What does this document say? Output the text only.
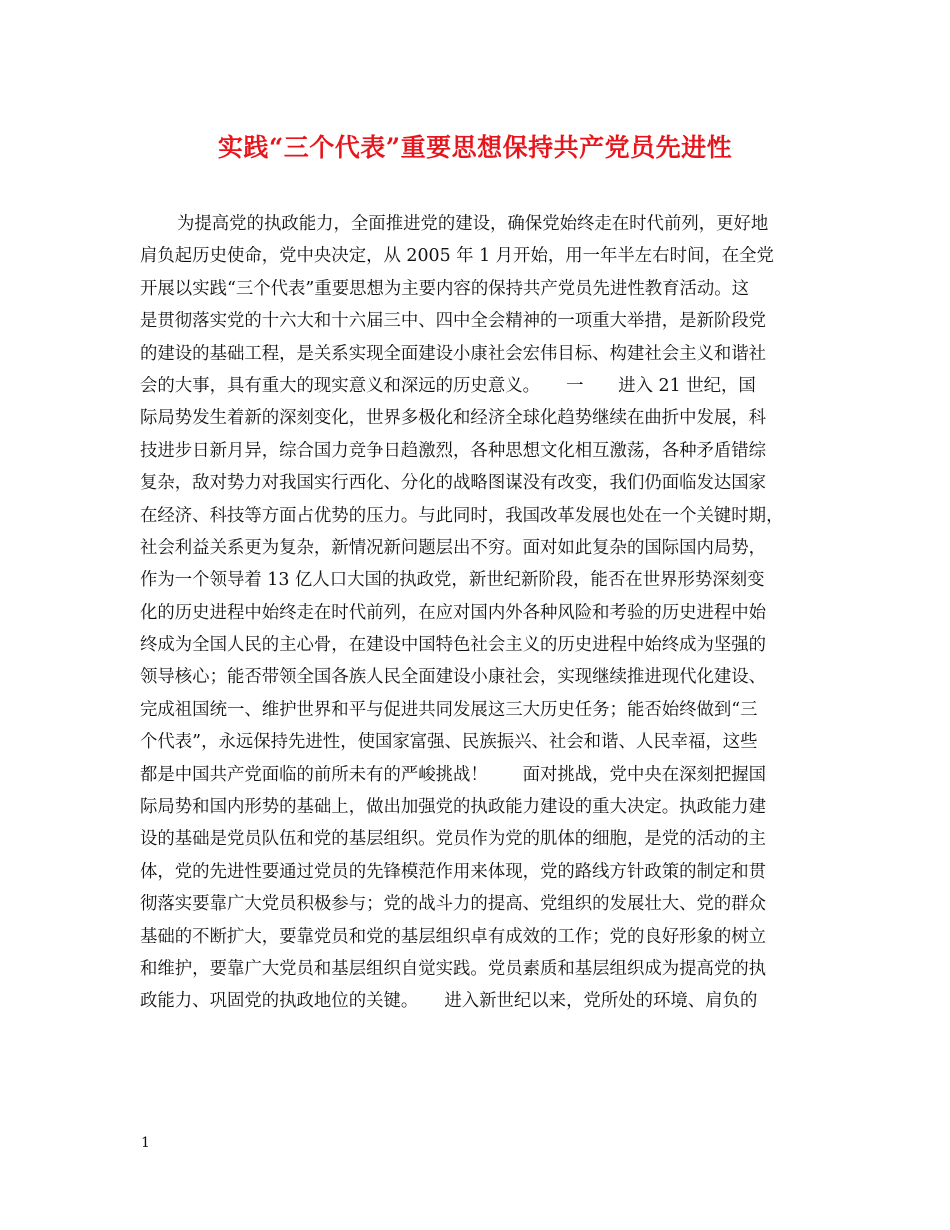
实践“三个代表”重要思想保持共产党员先进性
为提高党的执政能力，全面推进党的建设，确保党始终走在时代前列，更好地
肩负起历史使命，党中央决定，从 2005 年 1 月开始，用一年半左右时间，在全党
开展以实践“三个代表”重要思想为主要内容的保持共产党员先进性教育活动。这
是贯彻落实党的十六大和十六届三中、四中全会精神的一项重大举措，是新阶段党
的建设的基础工程，是关系实现全面建设小康社会宏伟目标、构建社会主义和谐社
会的大事，具有重大的现实意义和深远的历史意义。　　一　　进入 21 世纪，国
际局势发生着新的深刻变化，世界多极化和经济全球化趋势继续在曲折中发展，科
技进步日新月异，综合国力竞争日趋激烈，各种思想文化相互激荡，各种矛盾错综
复杂，敌对势力对我国实行西化、分化的战略图谋没有改变，我们仍面临发达国家
在经济、科技等方面占优势的压力。与此同时，我国改革发展也处在一个关键时期，
社会利益关系更为复杂，新情况新问题层出不穷。面对如此复杂的国际国内局势，
作为一个领导着 13 亿人口大国的执政党，新世纪新阶段，能否在世界形势深刻变
化的历史进程中始终走在时代前列，在应对国内外各种风险和考验的历史进程中始
终成为全国人民的主心骨，在建设中国特色社会主义的历史进程中始终成为坚强的
领导核心；能否带领全国各族人民全面建设小康社会，实现继续推进现代化建设、
完成祖国统一、维护世界和平与促进共同发展这三大历史任务；能否始终做到“三
个代表”，永远保持先进性，使国家富强、民族振兴、社会和谐、人民幸福，这些
都是中国共产党面临的前所未有的严峻挑战！　　面对挑战，党中央在深刻把握国
际局势和国内形势的基础上，做出加强党的执政能力建设的重大决定。执政能力建
设的基础是党员队伍和党的基层组织。党员作为党的肌体的细胞，是党的活动的主
体，党的先进性要通过党员的先锋模范作用来体现，党的路线方针政策的制定和贯
彻落实要靠广大党员积极参与；党的战斗力的提高、党组织的发展壮大、党的群众
基础的不断扩大，要靠党员和党的基层组织卓有成效的工作；党的良好形象的树立
和维护，要靠广大党员和基层组织自觉实践。党员素质和基层组织成为提高党的执
政能力、巩固党的执政地位的关键。　　进入新世纪以来，党所处的环境、肩负的
1
